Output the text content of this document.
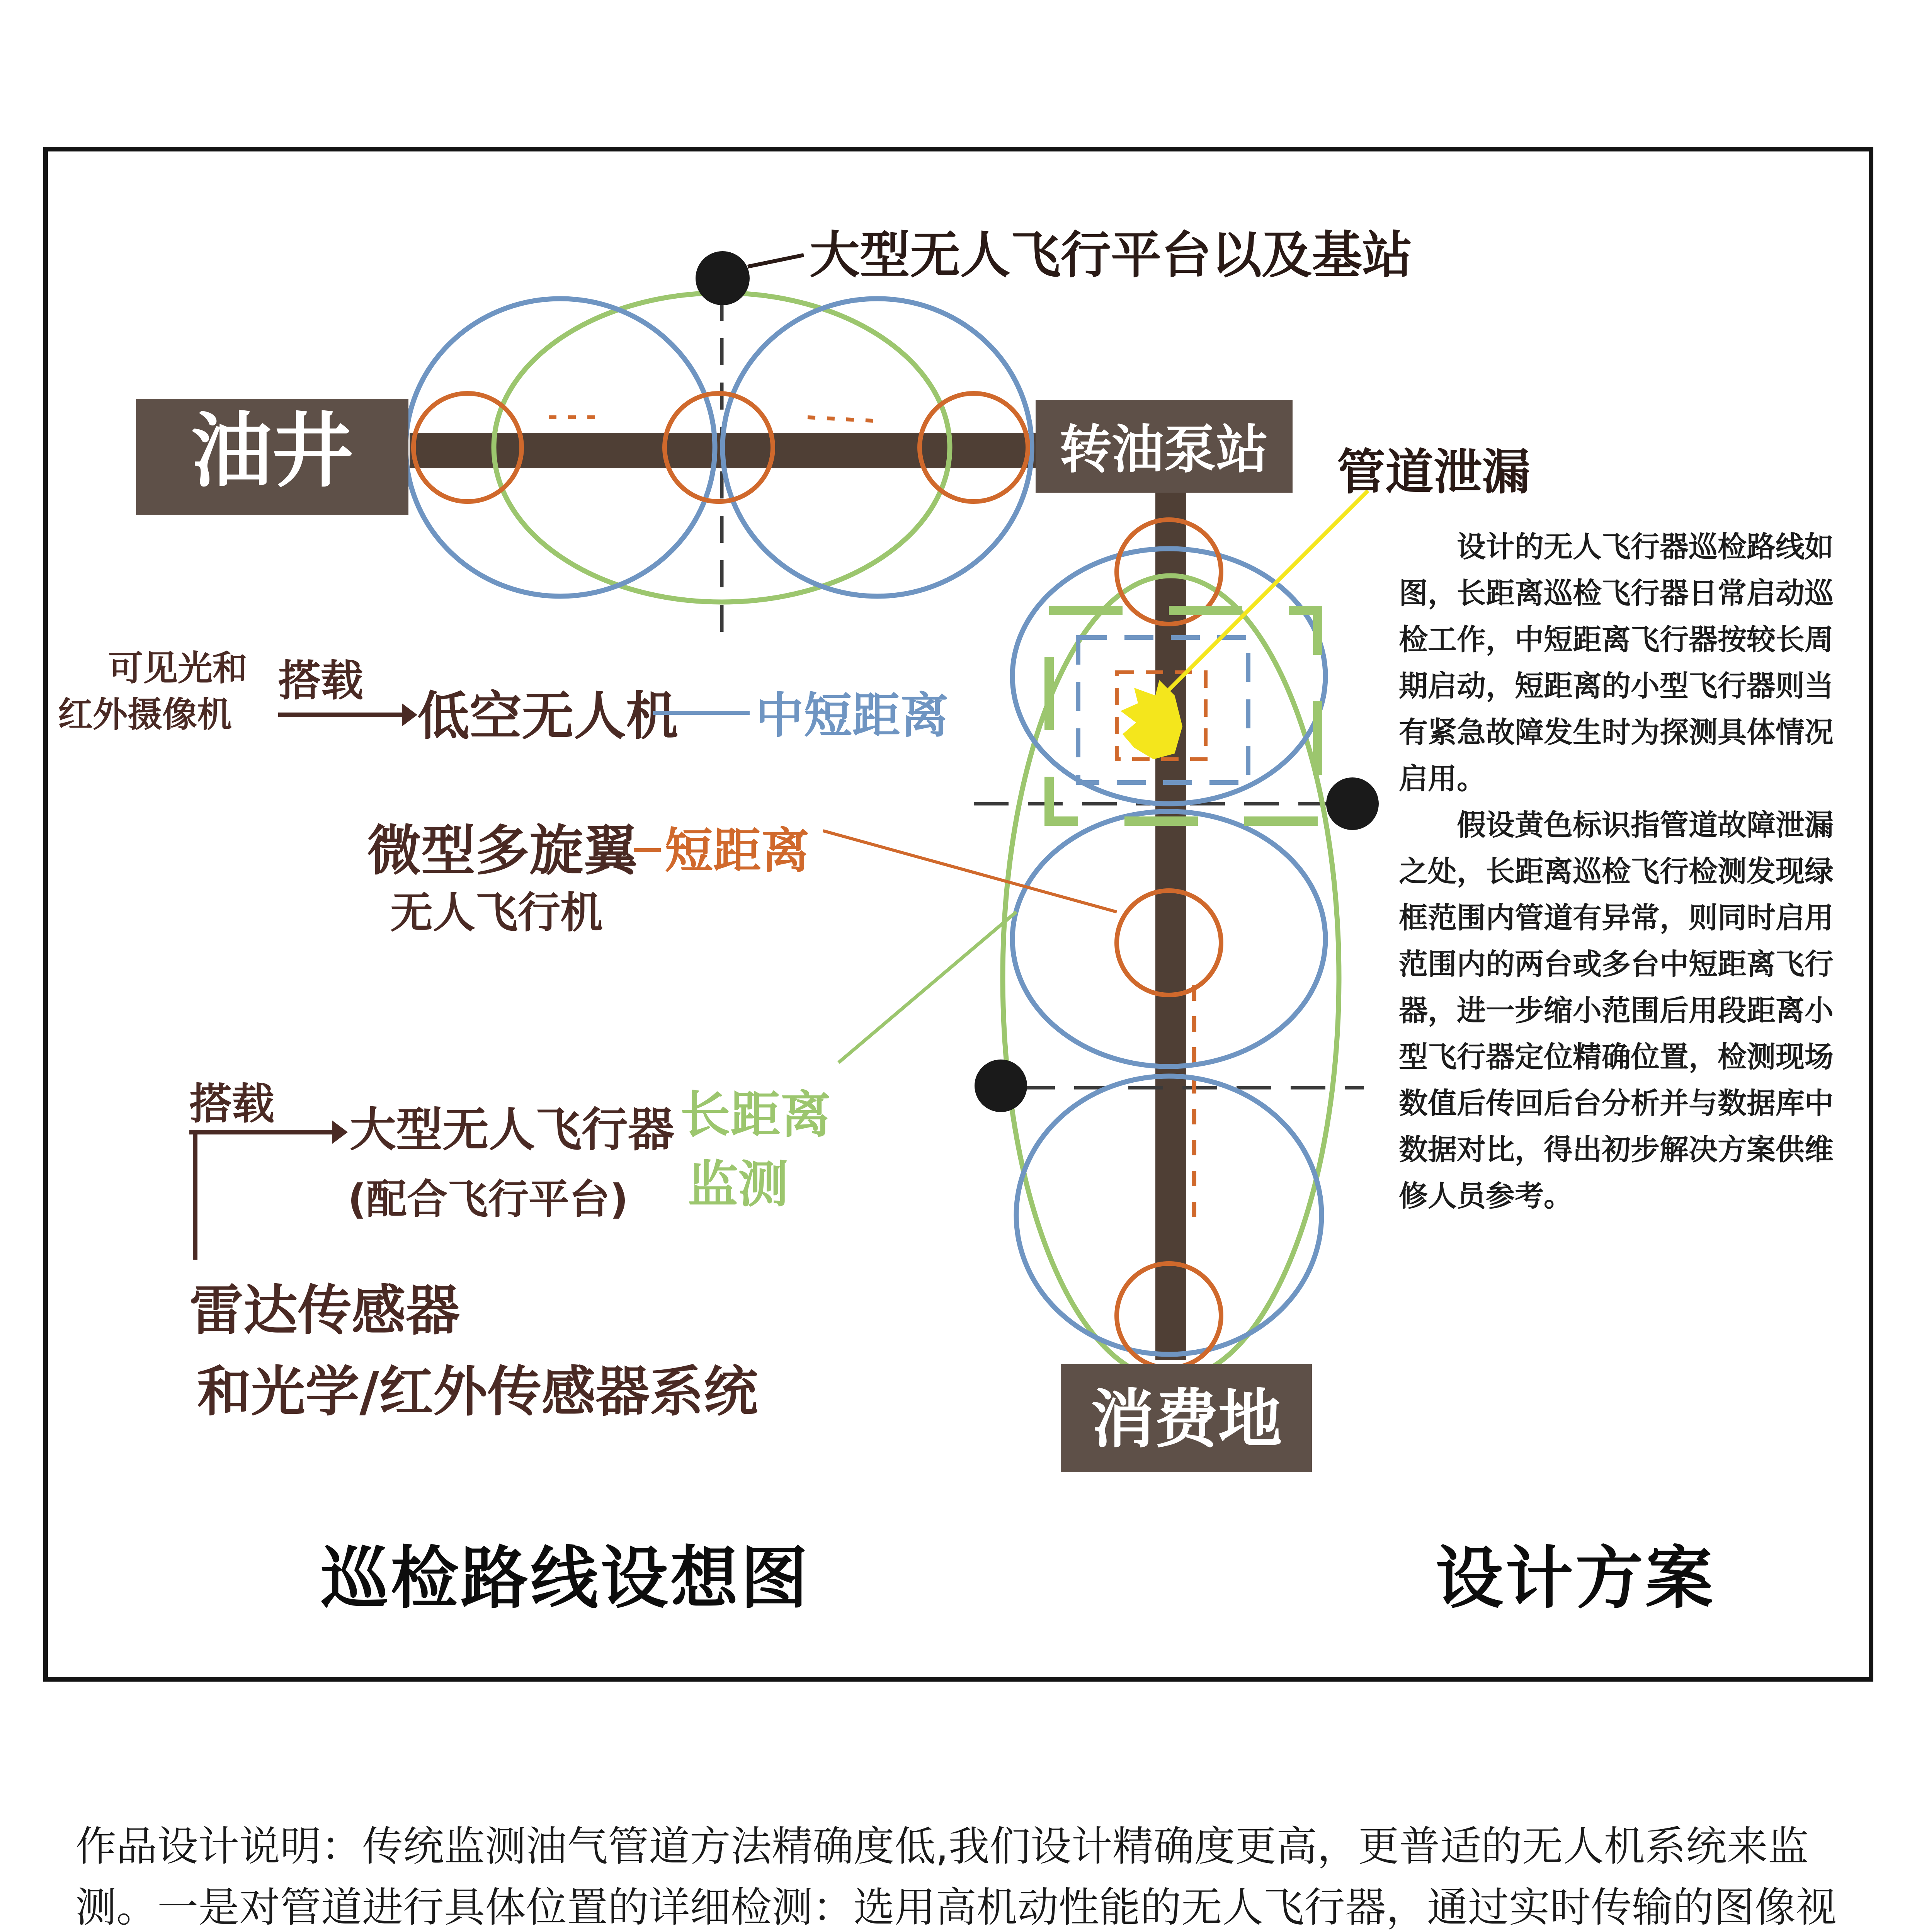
油井	转油泵站
消费地
大型无人飞行平台以及基站
管道泄漏
可见光和
红外摄像机
搭载
低空无人机 中短距离
微型多旋翼
无人飞行机
短距离
搭载 大型无人飞行器
(配合飞行平台)
长距离
监测
雷达传感器
和光学/红外传感器系统

设计的无人飞行器巡检路线如图，长距离巡检飞行器日常启动巡检工作，中短距离飞行器按较长周期启动，短距离的小型飞行器则当有紧急故障发生时为探测具体情况启用。

假设黄色标识指管道故障泄漏之处，长距离巡检飞行检测发现绿框范围内管道有异常，则同时启用范围内的两台或多台中短距离飞行器，进一步缩小范围后用段距离小型飞行器定位精确位置，检测现场数值后传回后台分析并与数据库中数据对比，得出初步解决方案供维修人员参考。

巡检路线设想图	设计方案
作品设计说明：传统监测油气管道方法精确度低,我们设计精确度更高，更普适的无人机系统来监测。一是对管道进行具体位置的详细检测：选用高机动性能的无人飞行器，通过实时传输的图像视
